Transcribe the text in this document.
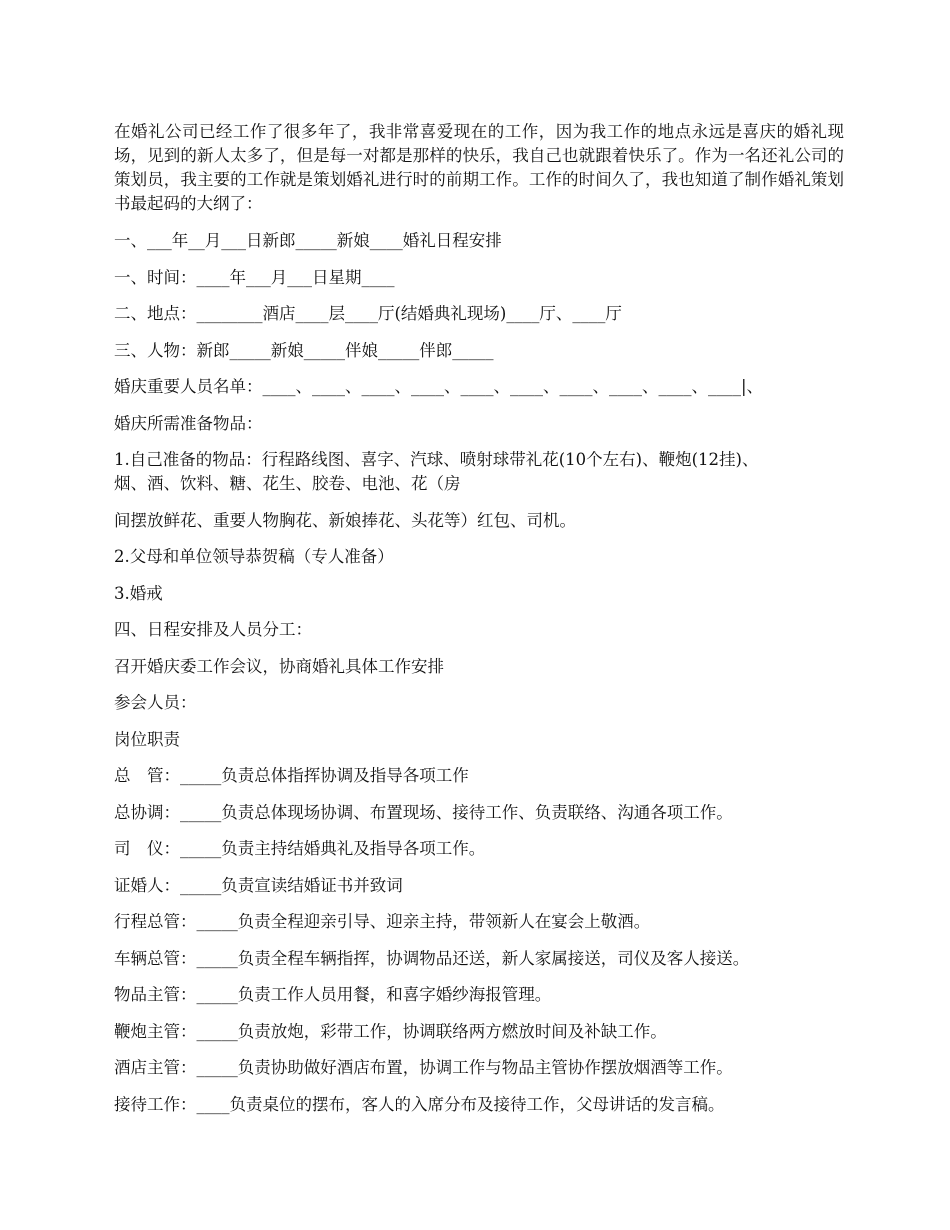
在婚礼公司已经工作了很多年了，我非常喜爱现在的工作，因为我工作的地点永远是喜庆的婚礼现场，见到的新人太多了，但是每一对都是那样的快乐，我自己也就跟着快乐了。作为一名还礼公司的策划员，我主要的工作就是策划婚礼进行时的前期工作。工作的时间久了，我也知道了制作婚礼策划书最起码的大纲了：

一、___年__月___日新郎_____新娘____婚礼日程安排

一、时间：____年___月___日星期____

二、地点：________酒店____层____厅(结婚典礼现场)____厅、____厅

三、人物：新郎_____新娘_____伴娘_____伴郎_____

婚庆重要人员名单：____、____、____、____、____、____、____、____、____、____|、

婚庆所需准备物品：

1.自己准备的物品：行程路线图、喜字、汽球、喷射球带礼花(10个左右)、鞭炮(12挂)、

烟、酒、饮料、糖、花生、胶卷、电池、花（房

间摆放鲜花、重要人物胸花、新娘捧花、头花等）红包、司机。

2.父母和单位领导恭贺稿（专人准备）

3.婚戒

四、日程安排及人员分工：

召开婚庆委工作会议，协商婚礼具体工作安排

参会人员：

岗位职责

总　管：_____负责总体指挥协调及指导各项工作

总协调：_____负责总体现场协调、布置现场、接待工作、负责联络、沟通各项工作。

司　仪：_____负责主持结婚典礼及指导各项工作。

证婚人：_____负责宣读结婚证书并致词

行程总管：_____负责全程迎亲引导、迎亲主持，带领新人在宴会上敬酒。

车辆总管：_____负责全程车辆指挥，协调物品还送，新人家属接送，司仪及客人接送。

物品主管：_____负责工作人员用餐，和喜字婚纱海报管理。

鞭炮主管：_____负责放炮，彩带工作，协调联络两方燃放时间及补缺工作。

酒店主管：_____负责协助做好酒店布置，协调工作与物品主管协作摆放烟酒等工作。

接待工作：____负责桌位的摆布，客人的入席分布及接待工作，父母讲话的发言稿。
